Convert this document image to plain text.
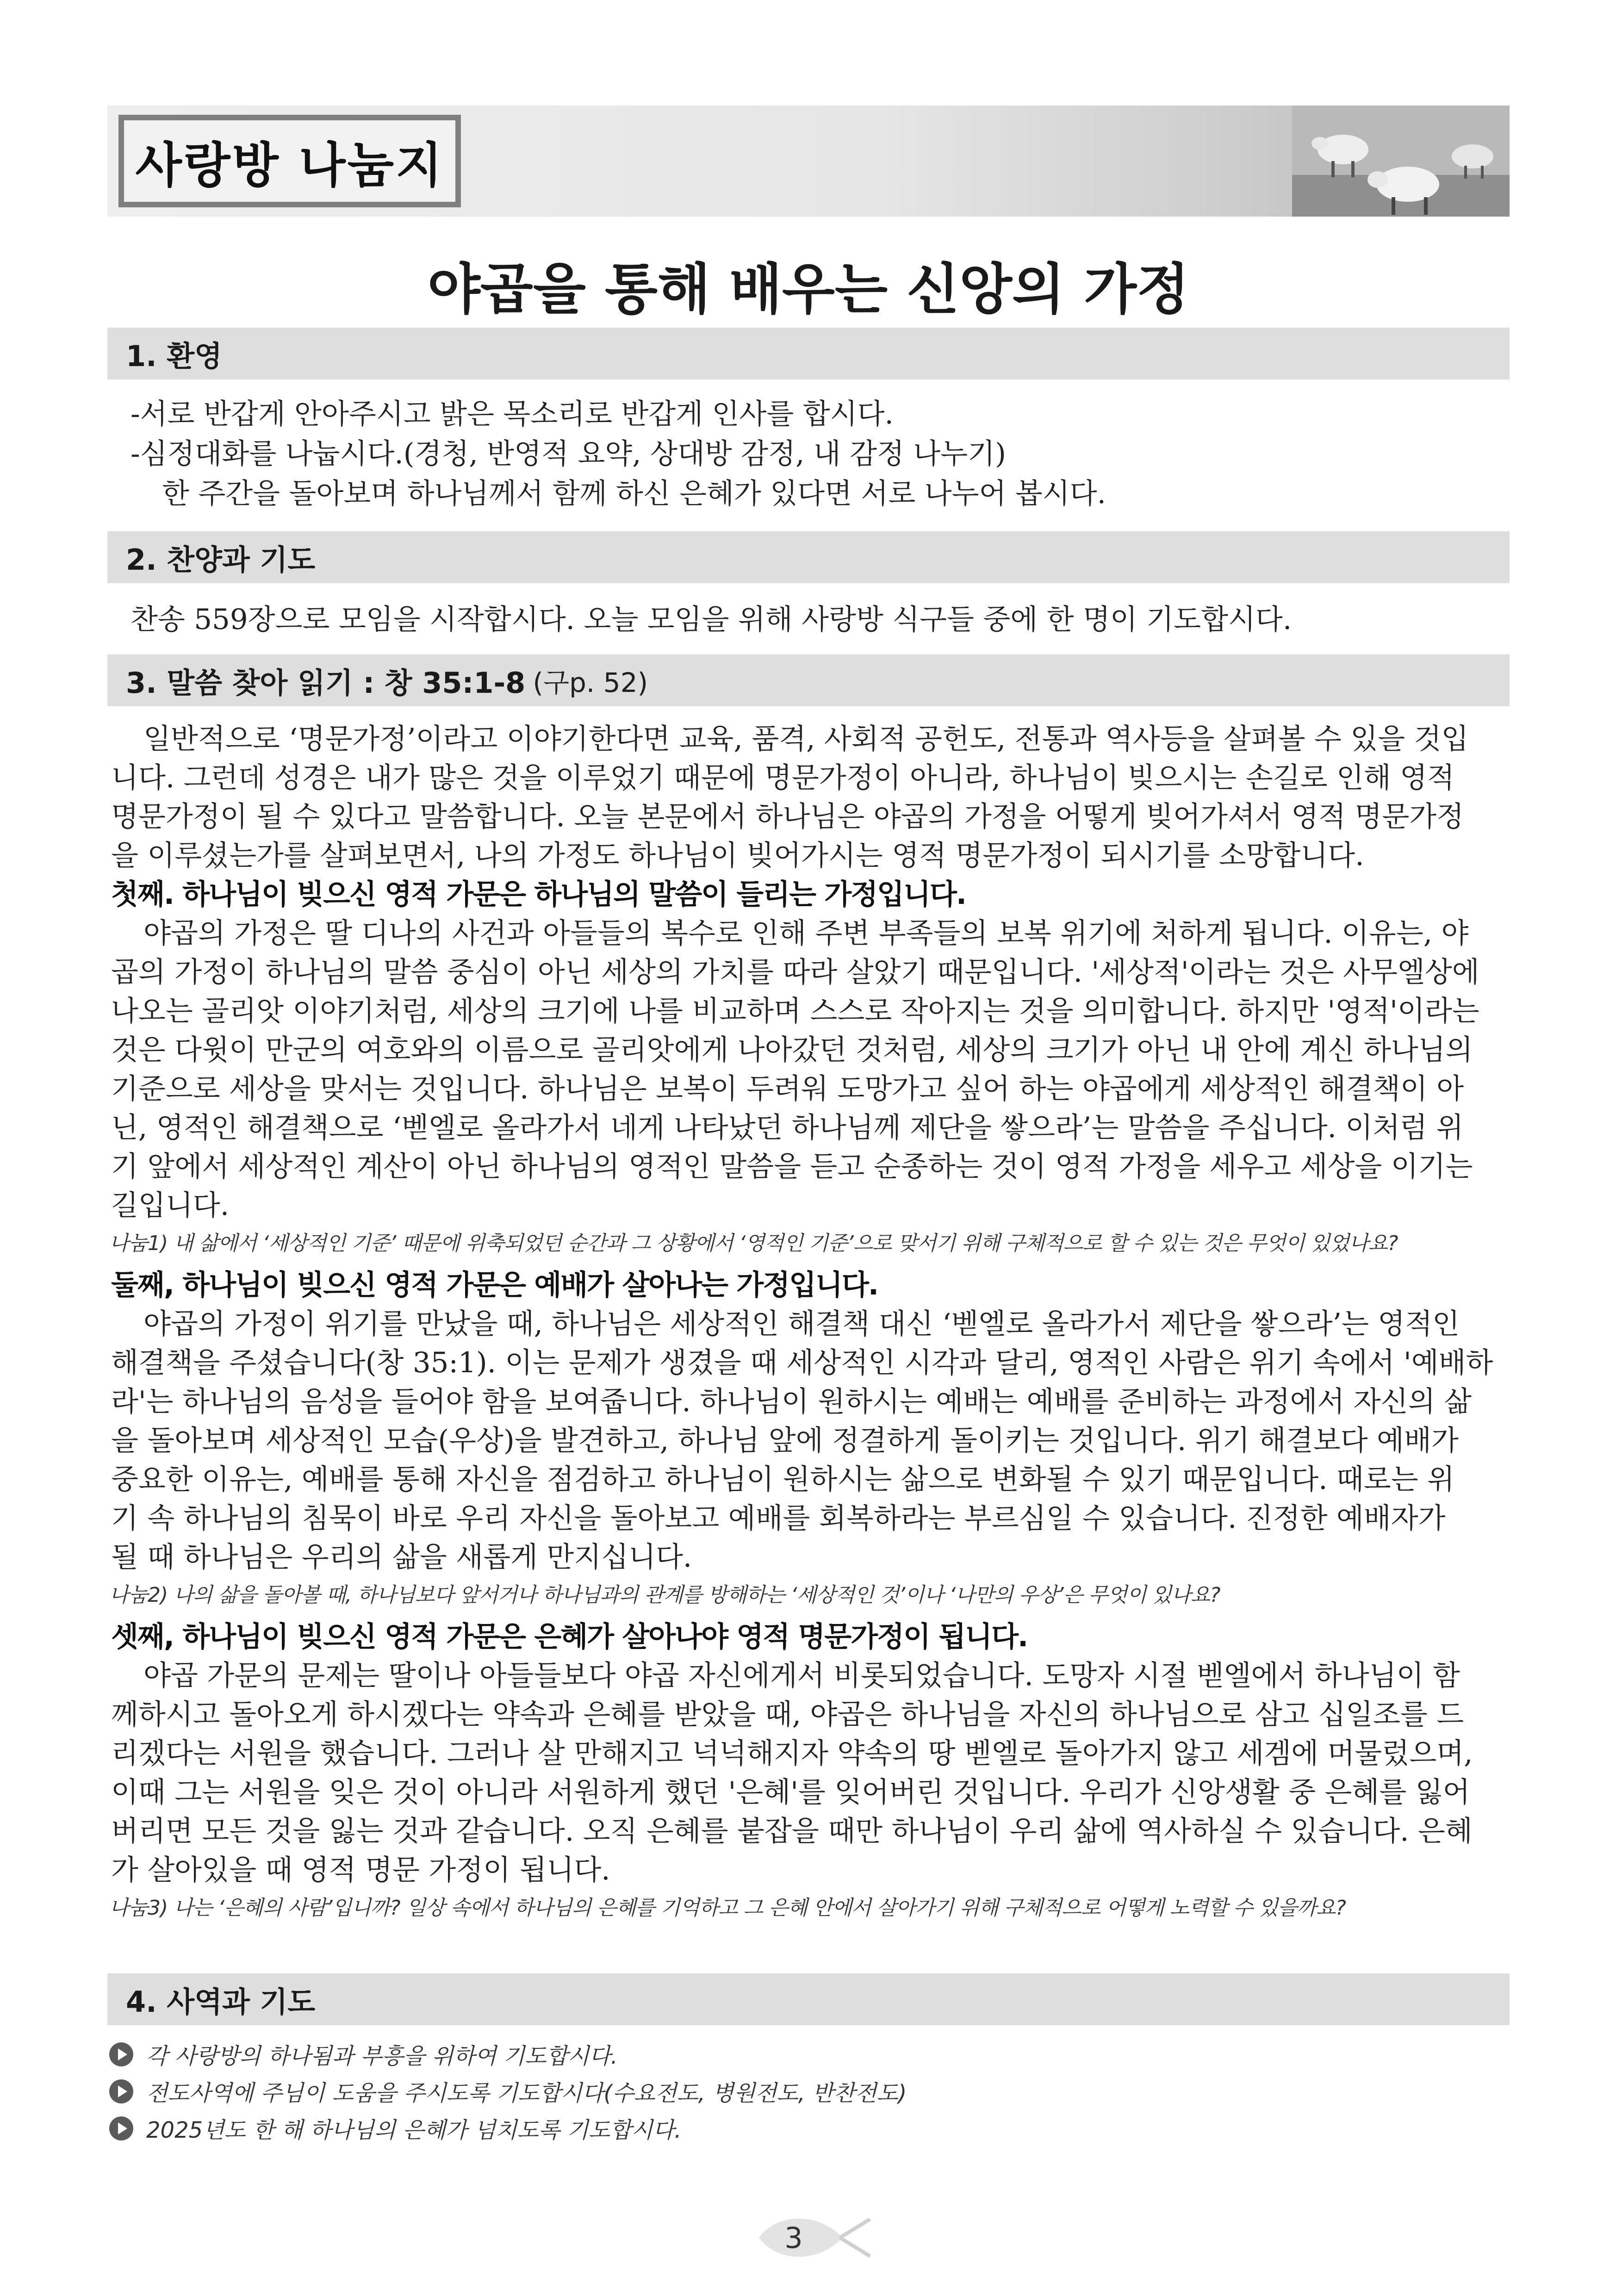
사랑방 나눔지
야곱을 통해 배우는 신앙의 가정
1. 환영
-서로 반갑게 안아주시고 밝은 목소리로 반갑게 인사를 합시다.
-심정대화를 나눕시다.(경청, 반영적 요약, 상대방 감정, 내 감정 나누기)
한 주간을 돌아보며 하나님께서 함께 하신 은혜가 있다면 서로 나누어 봅시다.
2. 찬양과 기도
찬송 559장으로 모임을 시작합시다. 오늘 모임을 위해 사랑방 식구들 중에 한 명이 기도합시다.
3. 말씀 찾아 읽기 : 창 35:1-8 (구p. 52)
일반적으로 ‘명문가정’이라고 이야기한다면 교육, 품격, 사회적 공헌도, 전통과 역사등을 살펴볼 수 있을 것입
니다. 그런데 성경은 내가 많은 것을 이루었기 때문에 명문가정이 아니라, 하나님이 빚으시는 손길로 인해 영적
명문가정이 될 수 있다고 말씀합니다. 오늘 본문에서 하나님은 야곱의 가정을 어떻게 빚어가셔서 영적 명문가정
을 이루셨는가를 살펴보면서, 나의 가정도 하나님이 빚어가시는 영적 명문가정이 되시기를 소망합니다.
첫째. 하나님이 빚으신 영적 가문은 하나님의 말씀이 들리는 가정입니다.
야곱의 가정은 딸 디나의 사건과 아들들의 복수로 인해 주변 부족들의 보복 위기에 처하게 됩니다. 이유는, 야
곱의 가정이 하나님의 말씀 중심이 아닌 세상의 가치를 따라 살았기 때문입니다. '세상적'이라는 것은 사무엘상에
나오는 골리앗 이야기처럼, 세상의 크기에 나를 비교하며 스스로 작아지는 것을 의미합니다. 하지만 '영적'이라는
것은 다윗이 만군의 여호와의 이름으로 골리앗에게 나아갔던 것처럼, 세상의 크기가 아닌 내 안에 계신 하나님의
기준으로 세상을 맞서는 것입니다. 하나님은 보복이 두려워 도망가고 싶어 하는 야곱에게 세상적인 해결책이 아
닌, 영적인 해결책으로 ‘벧엘로 올라가서 네게 나타났던 하나님께 제단을 쌓으라’는 말씀을 주십니다. 이처럼 위
기 앞에서 세상적인 계산이 아닌 하나님의 영적인 말씀을 듣고 순종하는 것이 영적 가정을 세우고 세상을 이기는
길입니다.
나눔1) 내 삶에서 ‘세상적인 기준’ 때문에 위축되었던 순간과 그 상황에서 ‘영적인 기준’으로 맞서기 위해 구체적으로 할 수 있는 것은 무엇이 있었나요?
둘째, 하나님이 빚으신 영적 가문은 예배가 살아나는 가정입니다.
야곱의 가정이 위기를 만났을 때, 하나님은 세상적인 해결책 대신 ‘벧엘로 올라가서 제단을 쌓으라’는 영적인
해결책을 주셨습니다(창 35:1). 이는 문제가 생겼을 때 세상적인 시각과 달리, 영적인 사람은 위기 속에서 '예배하
라'는 하나님의 음성을 들어야 함을 보여줍니다. 하나님이 원하시는 예배는 예배를 준비하는 과정에서 자신의 삶
을 돌아보며 세상적인 모습(우상)을 발견하고, 하나님 앞에 정결하게 돌이키는 것입니다. 위기 해결보다 예배가
중요한 이유는, 예배를 통해 자신을 점검하고 하나님이 원하시는 삶으로 변화될 수 있기 때문입니다. 때로는 위
기 속 하나님의 침묵이 바로 우리 자신을 돌아보고 예배를 회복하라는 부르심일 수 있습니다. 진정한 예배자가
될 때 하나님은 우리의 삶을 새롭게 만지십니다.
나눔2) 나의 삶을 돌아볼 때, 하나님보다 앞서거나 하나님과의 관계를 방해하는 ‘세상적인 것’이나 ‘나만의 우상’은 무엇이 있나요?
셋째, 하나님이 빚으신 영적 가문은 은혜가 살아나야 영적 명문가정이 됩니다.
야곱 가문의 문제는 딸이나 아들들보다 야곱 자신에게서 비롯되었습니다. 도망자 시절 벧엘에서 하나님이 함
께하시고 돌아오게 하시겠다는 약속과 은혜를 받았을 때, 야곱은 하나님을 자신의 하나님으로 삼고 십일조를 드
리겠다는 서원을 했습니다. 그러나 살 만해지고 넉넉해지자 약속의 땅 벧엘로 돌아가지 않고 세겜에 머물렀으며,
이때 그는 서원을 잊은 것이 아니라 서원하게 했던 '은혜'를 잊어버린 것입니다. 우리가 신앙생활 중 은혜를 잃어
버리면 모든 것을 잃는 것과 같습니다. 오직 은혜를 붙잡을 때만 하나님이 우리 삶에 역사하실 수 있습니다. 은혜
가 살아있을 때 영적 명문 가정이 됩니다.
나눔3) 나는 ‘은혜의 사람’입니까? 일상 속에서 하나님의 은혜를 기억하고 그 은혜 안에서 살아가기 위해 구체적으로 어떻게 노력할 수 있을까요?
4. 사역과 기도
각 사랑방의 하나됨과 부흥을 위하여 기도합시다.
전도사역에 주님이 도움을 주시도록 기도합시다(수요전도, 병원전도, 반찬전도)
2025년도 한 해 하나님의 은혜가 넘치도록 기도합시다.
3
